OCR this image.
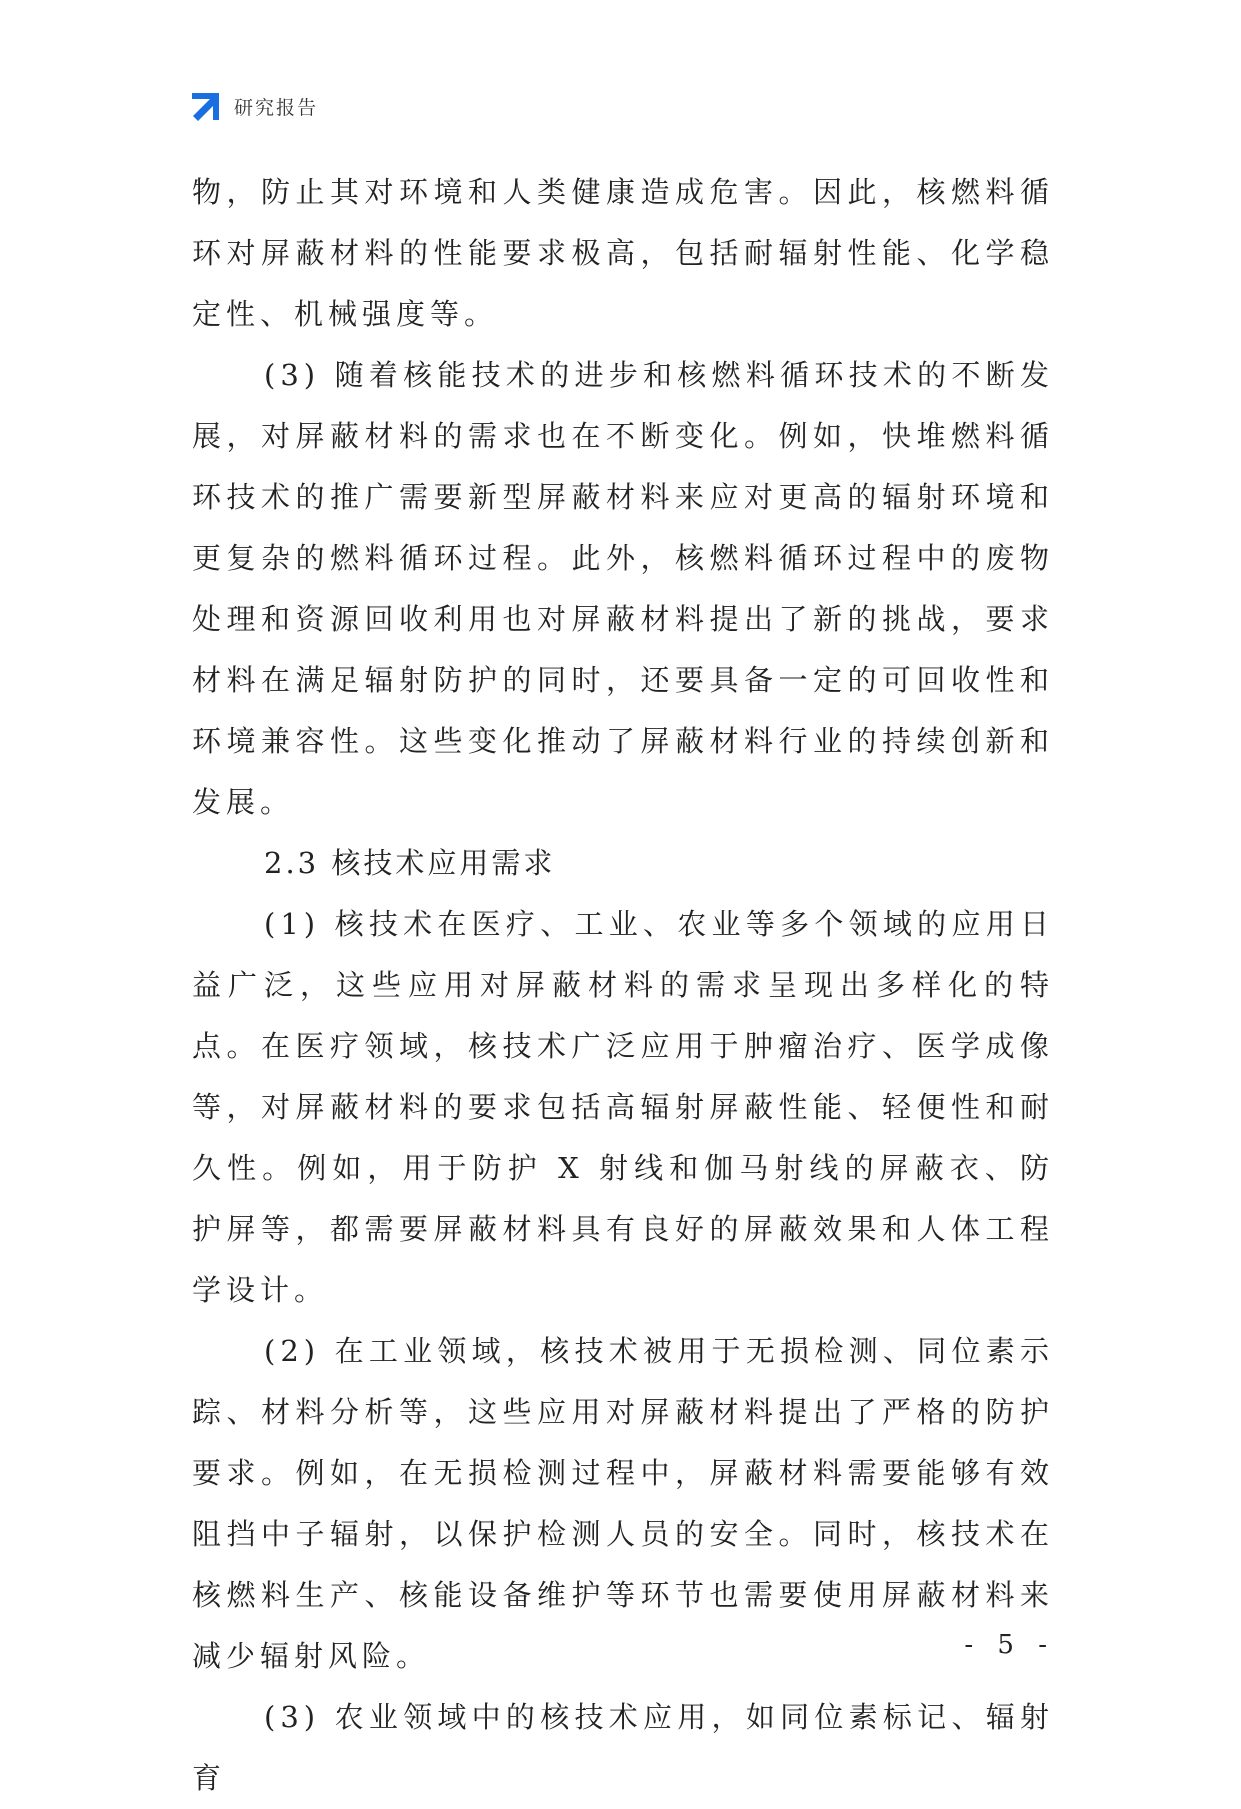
研究报告

物，防止其对环境和人类健康造成危害。因此，核燃料循环对屏蔽材料的性能要求极高，包括耐辐射性能、化学稳定性、机械强度等。

(3) 随着核能技术的进步和核燃料循环技术的不断发展，对屏蔽材料的需求也在不断变化。例如，快堆燃料循环技术的推广需要新型屏蔽材料来应对更高的辐射环境和更复杂的燃料循环过程。此外，核燃料循环过程中的废物处理和资源回收利用也对屏蔽材料提出了新的挑战，要求材料在满足辐射防护的同时，还要具备一定的可回收性和环境兼容性。这些变化推动了屏蔽材料行业的持续创新和发展。

2.3 核技术应用需求

(1) 核技术在医疗、工业、农业等多个领域的应用日益广泛，这些应用对屏蔽材料的需求呈现出多样化的特点。在医疗领域，核技术广泛应用于肿瘤治疗、医学成像等，对屏蔽材料的要求包括高辐射屏蔽性能、轻便性和耐久性。例如，用于防护 X 射线和伽马射线的屏蔽衣、防护屏等，都需要屏蔽材料具有良好的屏蔽效果和人体工程学设计。

(2) 在工业领域，核技术被用于无损检测、同位素示踪、材料分析等，这些应用对屏蔽材料提出了严格的防护要求。例如，在无损检测过程中，屏蔽材料需要能够有效阻挡中子辐射，以保护检测人员的安全。同时，核技术在核燃料生产、核能设备维护等环节也需要使用屏蔽材料来减少辐射风险。

(3) 农业领域中的核技术应用，如同位素标记、辐射育

- 5 -
